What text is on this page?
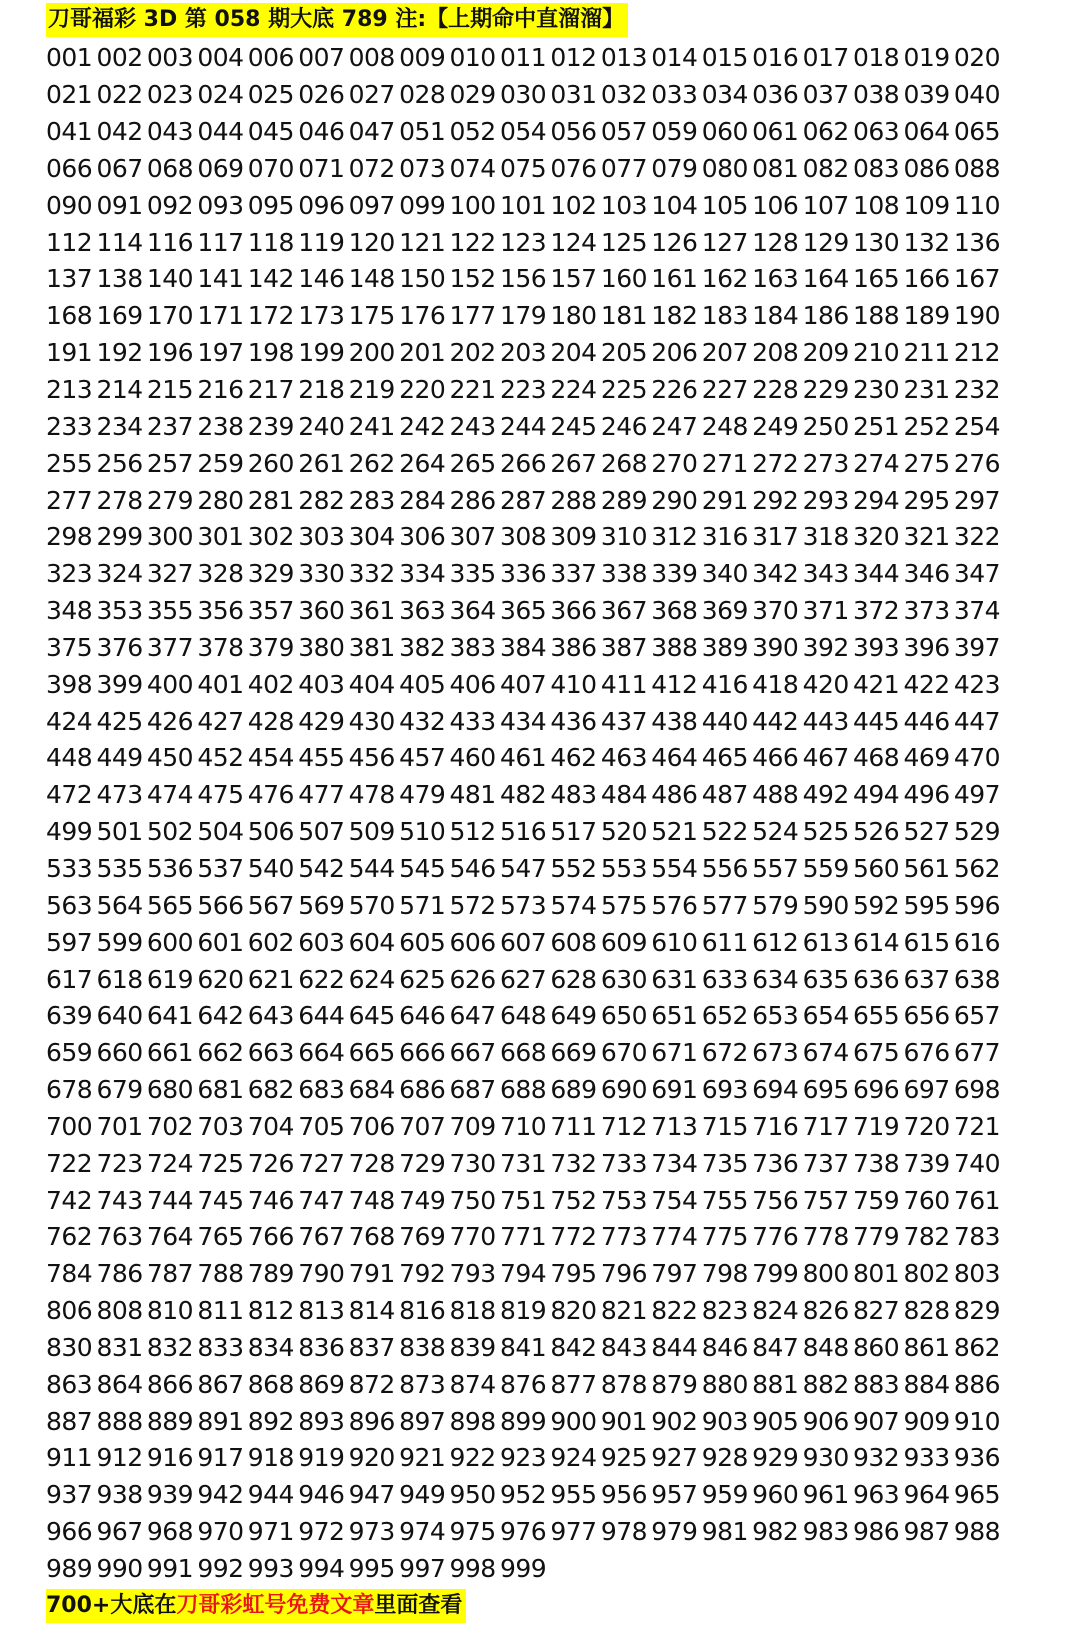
刀哥福彩 3D 第 058 期大底 789 注:【上期命中直溜溜】
001 002 003 004 006 007 008 009 010 011 012 013 014 015 016 017 018 019 020
021 022 023 024 025 026 027 028 029 030 031 032 033 034 036 037 038 039 040
041 042 043 044 045 046 047 051 052 054 056 057 059 060 061 062 063 064 065
066 067 068 069 070 071 072 073 074 075 076 077 079 080 081 082 083 086 088
090 091 092 093 095 096 097 099 100 101 102 103 104 105 106 107 108 109 110
112 114 116 117 118 119 120 121 122 123 124 125 126 127 128 129 130 132 136
137 138 140 141 142 146 148 150 152 156 157 160 161 162 163 164 165 166 167
168 169 170 171 172 173 175 176 177 179 180 181 182 183 184 186 188 189 190
191 192 196 197 198 199 200 201 202 203 204 205 206 207 208 209 210 211 212
213 214 215 216 217 218 219 220 221 223 224 225 226 227 228 229 230 231 232
233 234 237 238 239 240 241 242 243 244 245 246 247 248 249 250 251 252 254
255 256 257 259 260 261 262 264 265 266 267 268 270 271 272 273 274 275 276
277 278 279 280 281 282 283 284 286 287 288 289 290 291 292 293 294 295 297
298 299 300 301 302 303 304 306 307 308 309 310 312 316 317 318 320 321 322
323 324 327 328 329 330 332 334 335 336 337 338 339 340 342 343 344 346 347
348 353 355 356 357 360 361 363 364 365 366 367 368 369 370 371 372 373 374
375 376 377 378 379 380 381 382 383 384 386 387 388 389 390 392 393 396 397
398 399 400 401 402 403 404 405 406 407 410 411 412 416 418 420 421 422 423
424 425 426 427 428 429 430 432 433 434 436 437 438 440 442 443 445 446 447
448 449 450 452 454 455 456 457 460 461 462 463 464 465 466 467 468 469 470
472 473 474 475 476 477 478 479 481 482 483 484 486 487 488 492 494 496 497
499 501 502 504 506 507 509 510 512 516 517 520 521 522 524 525 526 527 529
533 535 536 537 540 542 544 545 546 547 552 553 554 556 557 559 560 561 562
563 564 565 566 567 569 570 571 572 573 574 575 576 577 579 590 592 595 596
597 599 600 601 602 603 604 605 606 607 608 609 610 611 612 613 614 615 616
617 618 619 620 621 622 624 625 626 627 628 630 631 633 634 635 636 637 638
639 640 641 642 643 644 645 646 647 648 649 650 651 652 653 654 655 656 657
659 660 661 662 663 664 665 666 667 668 669 670 671 672 673 674 675 676 677
678 679 680 681 682 683 684 686 687 688 689 690 691 693 694 695 696 697 698
700 701 702 703 704 705 706 707 709 710 711 712 713 715 716 717 719 720 721
722 723 724 725 726 727 728 729 730 731 732 733 734 735 736 737 738 739 740
742 743 744 745 746 747 748 749 750 751 752 753 754 755 756 757 759 760 761
762 763 764 765 766 767 768 769 770 771 772 773 774 775 776 778 779 782 783
784 786 787 788 789 790 791 792 793 794 795 796 797 798 799 800 801 802 803
806 808 810 811 812 813 814 816 818 819 820 821 822 823 824 826 827 828 829
830 831 832 833 834 836 837 838 839 841 842 843 844 846 847 848 860 861 862
863 864 866 867 868 869 872 873 874 876 877 878 879 880 881 882 883 884 886
887 888 889 891 892 893 896 897 898 899 900 901 902 903 905 906 907 909 910
911 912 916 917 918 919 920 921 922 923 924 925 927 928 929 930 932 933 936
937 938 939 942 944 946 947 949 950 952 955 956 957 959 960 961 963 964 965
966 967 968 970 971 972 973 974 975 976 977 978 979 981 982 983 986 987 988
989 990 991 992 993 994 995 997 998 999
700+大底在刀哥彩虹号免费文章里面查看
